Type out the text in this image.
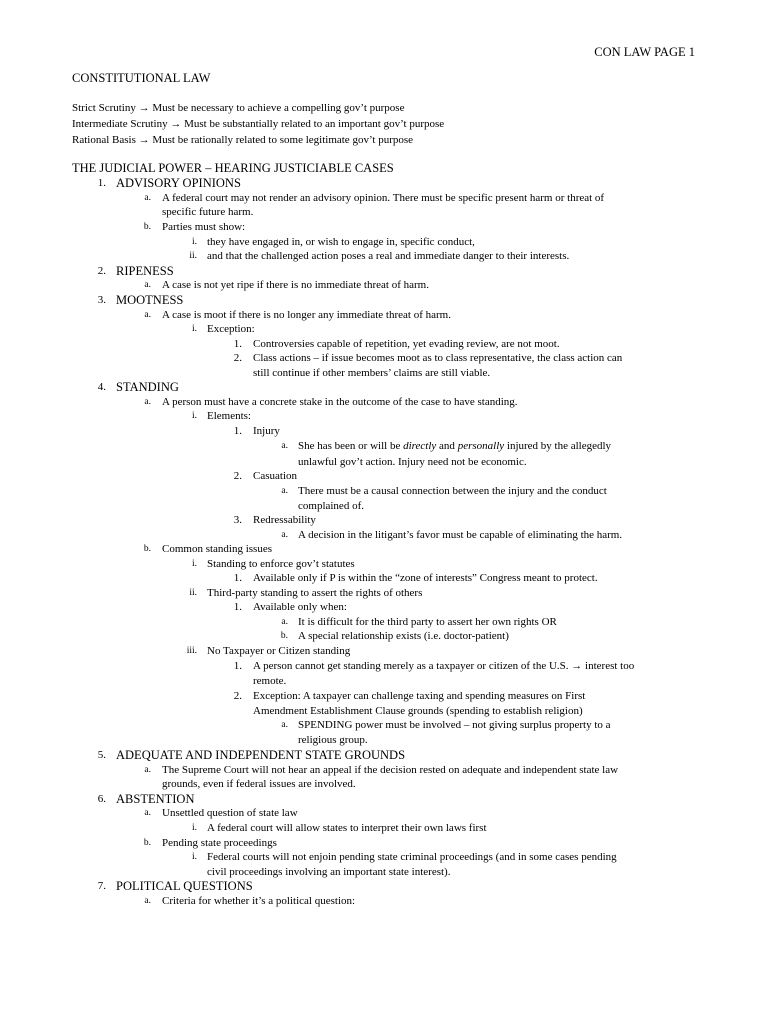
CON LAW PAGE 1
CONSTITUTIONAL LAW
Strict Scrutiny → Must be necessary to achieve a compelling gov’t purpose
Intermediate Scrutiny → Must be substantially related to an important gov’t purpose
Rational Basis → Must be rationally related to some legitimate gov’t purpose
THE JUDICIAL POWER – HEARING JUSTICIABLE CASES
1. ADVISORY OPINIONS
a. A federal court may not render an advisory opinion. There must be specific present harm or threat of
specific future harm.
b. Parties must show:
i. they have engaged in, or wish to engage in, specific conduct,
ii. and that the challenged action poses a real and immediate danger to their interests.
2. RIPENESS
a. A case is not yet ripe if there is no immediate threat of harm.
3. MOOTNESS
a. A case is moot if there is no longer any immediate threat of harm.
i. Exception:
1. Controversies capable of repetition, yet evading review, are not moot.
2. Class actions – if issue becomes moot as to class representative, the class action can
still continue if other members’ claims are still viable.
4. STANDING
a. A person must have a concrete stake in the outcome of the case to have standing.
i. Elements:
1. Injury
a. She has been or will be directly and personally injured by the allegedly
unlawful gov’t action. Injury need not be economic.
2. Casuation
a. There must be a causal connection between the injury and the conduct
complained of.
3. Redressability
a. A decision in the litigant’s favor must be capable of eliminating the harm.
b. Common standing issues
i. Standing to enforce gov’t statutes
1. Available only if P is within the “zone of interests” Congress meant to protect.
ii. Third-party standing to assert the rights of others
1. Available only when:
a. It is difficult for the third party to assert her own rights OR
b. A special relationship exists (i.e. doctor-patient)
iii. No Taxpayer or Citizen standing
1. A person cannot get standing merely as a taxpayer or citizen of the U.S. → interest too
remote.
2. Exception: A taxpayer can challenge taxing and spending measures on First
Amendment Establishment Clause grounds (spending to establish religion)
a. SPENDING power must be involved – not giving surplus property to a
religious group.
5. ADEQUATE AND INDEPENDENT STATE GROUNDS
a. The Supreme Court will not hear an appeal if the decision rested on adequate and independent state law
grounds, even if federal issues are involved.
6. ABSTENTION
a. Unsettled question of state law
i. A federal court will allow states to interpret their own laws first
b. Pending state proceedings
i. Federal courts will not enjoin pending state criminal proceedings (and in some cases pending
civil proceedings involving an important state interest).
7. POLITICAL QUESTIONS
a. Criteria for whether it’s a political question:
